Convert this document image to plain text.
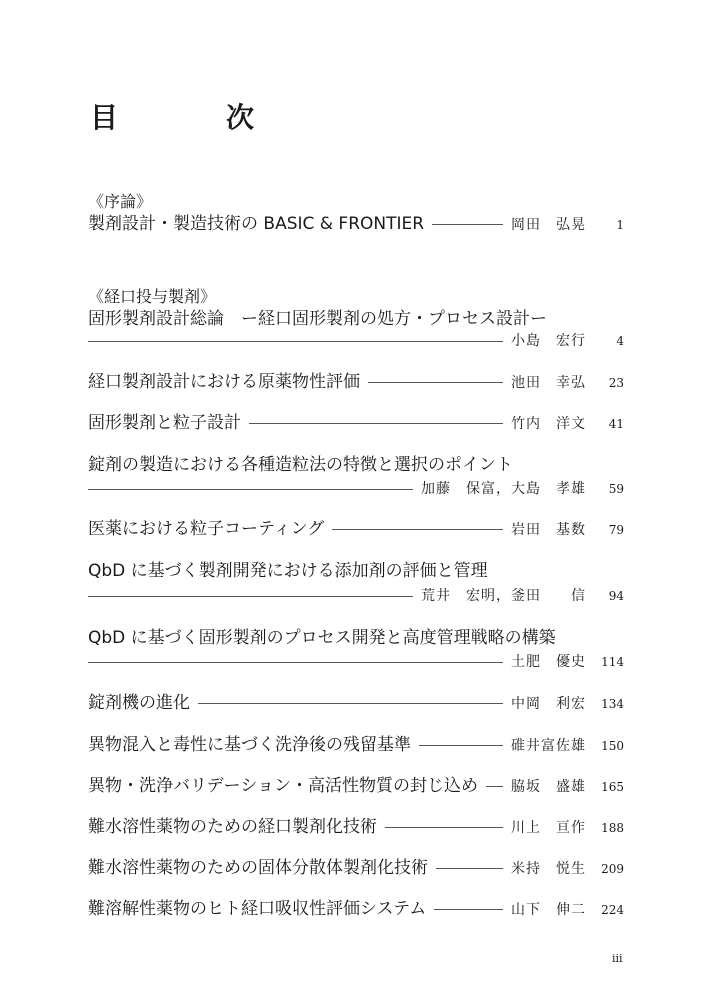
目　次
《序論》
製剤設計・製造技術の BASIC & FRONTIER	岡田　弘晃	1
《経口投与製剤》
固形製剤設計総論　ー経口固形製剤の処方・プロセス設計ー
小島　宏行	4
経口製剤設計における原薬物性評価	池田　幸弘	23
固形製剤と粒子設計	竹内　洋文	41
錠剤の製造における各種造粒法の特徴と選択のポイント
加藤　保富，大島　孝雄	59
医薬における粒子コーティング	岩田　基数	79
QbD に基づく製剤開発における添加剤の評価と管理
荒井　宏明，釜田　　信	94
QbD に基づく固形製剤のプロセス開発と高度管理戦略の構築
土肥　優史	114
錠剤機の進化	中岡　利宏	134
異物混入と毒性に基づく洗浄後の残留基準	碓井富佐雄	150
異物・洗浄バリデーション・高活性物質の封じ込め 脇坂　盛雄	165
難水溶性薬物のための経口製剤化技術	川上　亘作	188
難水溶性薬物のための固体分散体製剤化技術	米持　悦生	209
難溶解性薬物のヒト経口吸収性評価システム	山下　伸二	224
iii
